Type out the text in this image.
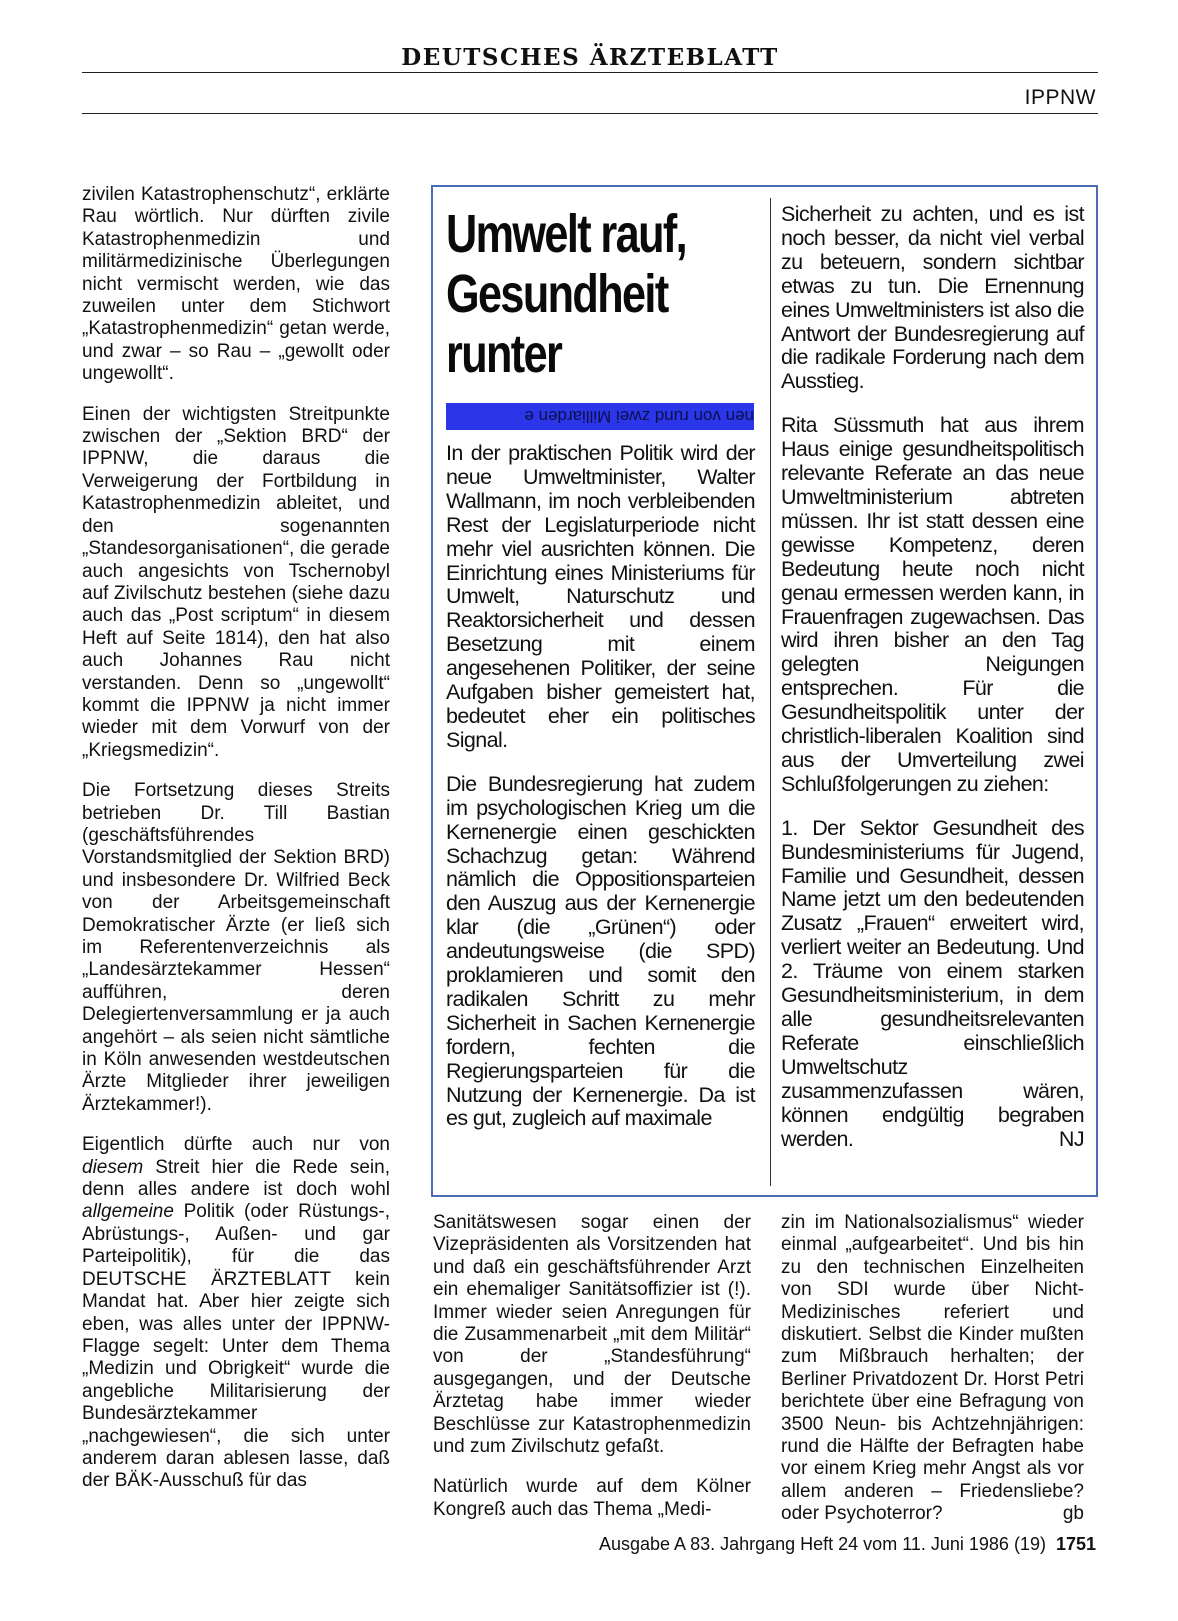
DEUTSCHES ÄRZTEBLATT
IPPNW

zivilen Katastrophenschutz“, erklärte Rau wörtlich. Nur dürften zivile Katastrophenmedizin und militärmedizinische Überlegungen nicht vermischt werden, wie das zuweilen unter dem Stichwort „Katastrophenmedizin“ getan werde, und zwar – so Rau – „gewollt oder ungewollt“.

Einen der wichtigsten Streitpunkte zwischen der „Sektion BRD“ der IPPNW, die daraus die Verweigerung der Fortbildung in Katastrophenmedizin ableitet, und den sogenannten „Standesorganisationen“, die gerade auch angesichts von Tschernobyl auf Zivilschutz bestehen (siehe dazu auch das „Post scriptum“ in diesem Heft auf Seite 1814), den hat also auch Johannes Rau nicht verstanden. Denn so „ungewollt“ kommt die IPPNW ja nicht immer wieder mit dem Vorwurf von der „Kriegsmedizin“.

Die Fortsetzung dieses Streits betrieben Dr. Till Bastian (geschäftsführendes Vorstandsmitglied der Sektion BRD) und insbesondere Dr. Wilfried Beck von der Arbeitsgemeinschaft Demokratischer Ärzte (er ließ sich im Referentenverzeichnis als „Landesärztekammer Hessen“ aufführen, deren Delegiertenversammlung er ja auch angehört – als seien nicht sämtliche in Köln anwesenden westdeutschen Ärzte Mitglieder ihrer jeweiligen Ärztekammer!).

Eigentlich dürfte auch nur von diesem Streit hier die Rede sein, denn alles andere ist doch wohl allgemeine Politik (oder Rüstungs-, Abrüstungs-, Außen- und gar Parteipolitik), für die das DEUTSCHE ÄRZTEBLATT kein Mandat hat. Aber hier zeigte sich eben, was alles unter der IPPNW-Flagge segelt: Unter dem Thema „Medizin und Obrigkeit“ wurde die angebliche Militarisierung der Bundesärztekammer „nachgewiesen“, die sich unter anderem daran ablesen lasse, daß der BÄK-Ausschuß für das

Umwelt rauf,
Gesundheit
runter
nen von rund zwei Milliarden e

In der praktischen Politik wird der neue Umweltminister, Walter Wallmann, im noch verbleibenden Rest der Legislaturperiode nicht mehr viel ausrichten können. Die Einrichtung eines Ministeriums für Umwelt, Naturschutz und Reaktorsicherheit und dessen Besetzung mit einem angesehenen Politiker, der seine Aufgaben bisher gemeistert hat, bedeutet eher ein politisches Signal.

Die Bundesregierung hat zudem im psychologischen Krieg um die Kernenergie einen geschickten Schachzug getan: Während nämlich die Oppositionsparteien den Auszug aus der Kernenergie klar (die „Grünen“) oder andeutungsweise (die SPD) proklamieren und somit den radikalen Schritt zu mehr Sicherheit in Sachen Kernenergie fordern, fechten die Regierungsparteien für die Nutzung der Kernenergie. Da ist es gut, zugleich auf maximale

Sicherheit zu achten, und es ist noch besser, da nicht viel verbal zu beteuern, sondern sichtbar etwas zu tun. Die Ernennung eines Umweltministers ist also die Antwort der Bundesregierung auf die radikale Forderung nach dem Ausstieg.

Rita Süssmuth hat aus ihrem Haus einige gesundheitspolitisch relevante Referate an das neue Umweltministerium abtreten müssen. Ihr ist statt dessen eine gewisse Kompetenz, deren Bedeutung heute noch nicht genau ermessen werden kann, in Frauenfragen zugewachsen. Das wird ihren bisher an den Tag gelegten Neigungen entsprechen. Für die Gesundheitspolitik unter der christlich-liberalen Koalition sind aus der Umverteilung zwei Schlußfolgerungen zu ziehen:

1. Der Sektor Gesundheit des Bundesministeriums für Jugend, Familie und Gesundheit, dessen Name jetzt um den bedeutenden Zusatz „Frauen“ erweitert wird, verliert weiter an Bedeutung. Und 2. Träume von einem starken Gesundheitsministerium, in dem alle gesundheitsrelevanten Referate einschließlich Umweltschutz zusammenzufassen wären, können endgültig begraben werden.	NJ

Sanitätswesen sogar einen der Vizepräsidenten als Vorsitzenden hat und daß ein geschäftsführender Arzt ein ehemaliger Sanitätsoffizier ist (!). Immer wieder seien Anregungen für die Zusammenarbeit „mit dem Militär“ von der „Standesführung“ ausgegangen, und der Deutsche Ärztetag habe immer wieder Beschlüsse zur Katastrophenmedizin und zum Zivilschutz gefaßt.

Natürlich wurde auf dem Kölner Kongreß auch das Thema „Medi-

zin im Nationalsozialismus“ wieder einmal „aufgearbeitet“. Und bis hin zu den technischen Einzelheiten von SDI wurde über Nicht-Medizinisches referiert und diskutiert. Selbst die Kinder mußten zum Mißbrauch herhalten; der Berliner Privatdozent Dr. Horst Petri berichtete über eine Befragung von 3500 Neun- bis Achtzehnjährigen: rund die Hälfte der Befragten habe vor einem Krieg mehr Angst als vor allem anderen – Friedensliebe? oder Psychoterror?	gb

Ausgabe A 83. Jahrgang Heft 24 vom 11. Juni 1986 (19) 1751
